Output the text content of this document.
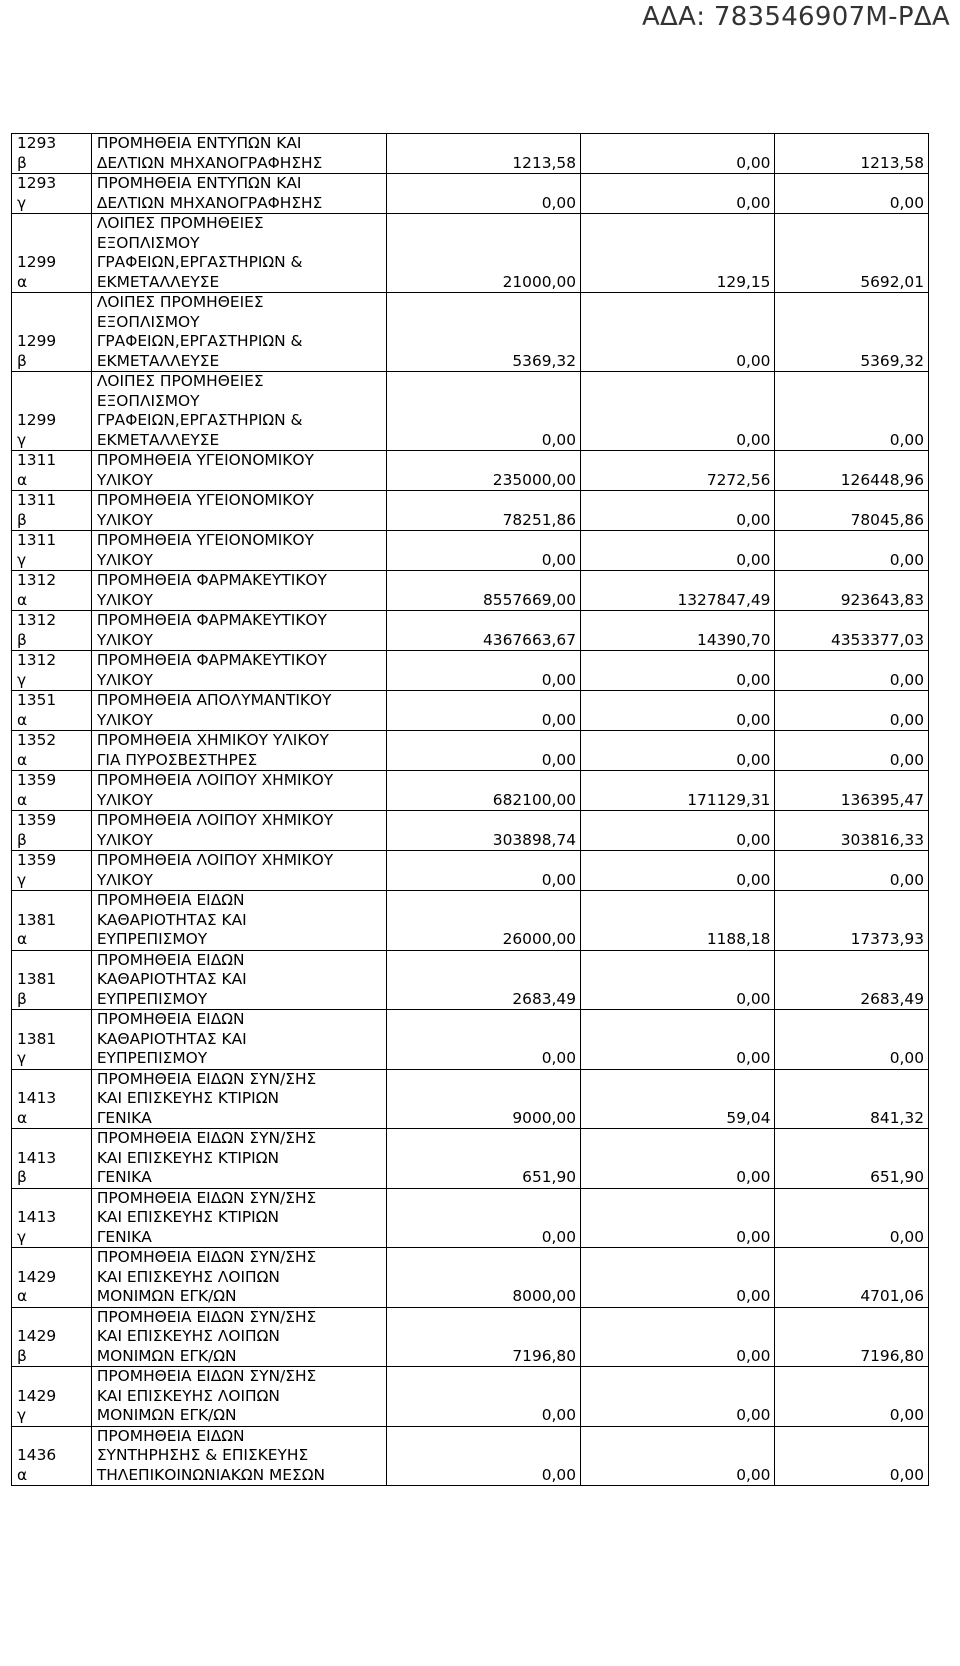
ΑΔΑ: 783546907Μ-ΡΔΑ
1293
β	ΠΡΟΜΗΘΕΙΑ ΕΝΤΥΠΩΝ ΚΑΙ
ΔΕΛΤΙΩΝ ΜΗΧΑΝΟΓΡΑΦΗΣΗΣ	1213,58	0,00	1213,58

1293
γ	ΠΡΟΜΗΘΕΙΑ ΕΝΤΥΠΩΝ ΚΑΙ
ΔΕΛΤΙΩΝ ΜΗΧΑΝΟΓΡΑΦΗΣΗΣ	0,00	0,00	0,00

1299
α	ΛΟΙΠΕΣ ΠΡΟΜΗΘΕΙΕΣ
ΕΞΟΠΛΙΣΜΟΥ
ΓΡΑΦΕΙΩΝ,ΕΡΓΑΣΤΗΡΙΩΝ &
ΕΚΜΕΤΑΛΛΕΥΣΕ	21000,00	129,15	5692,01

1299
β	ΛΟΙΠΕΣ ΠΡΟΜΗΘΕΙΕΣ
ΕΞΟΠΛΙΣΜΟΥ
ΓΡΑΦΕΙΩΝ,ΕΡΓΑΣΤΗΡΙΩΝ &
ΕΚΜΕΤΑΛΛΕΥΣΕ	5369,32	0,00	5369,32

1299
γ	ΛΟΙΠΕΣ ΠΡΟΜΗΘΕΙΕΣ
ΕΞΟΠΛΙΣΜΟΥ
ΓΡΑΦΕΙΩΝ,ΕΡΓΑΣΤΗΡΙΩΝ &
ΕΚΜΕΤΑΛΛΕΥΣΕ	0,00	0,00	0,00

1311
α	ΠΡΟΜΗΘΕΙΑ ΥΓΕΙΟΝΟΜΙΚΟΥ
ΥΛΙΚΟΥ	235000,00	7272,56	126448,96

1311
β	ΠΡΟΜΗΘΕΙΑ ΥΓΕΙΟΝΟΜΙΚΟΥ
ΥΛΙΚΟΥ	78251,86	0,00	78045,86

1311
γ	ΠΡΟΜΗΘΕΙΑ ΥΓΕΙΟΝΟΜΙΚΟΥ
ΥΛΙΚΟΥ	0,00	0,00	0,00

1312
α	ΠΡΟΜΗΘΕΙΑ ΦΑΡΜΑΚΕΥΤΙΚΟΥ
ΥΛΙΚΟΥ	8557669,00	1327847,49	923643,83

1312
β	ΠΡΟΜΗΘΕΙΑ ΦΑΡΜΑΚΕΥΤΙΚΟΥ
ΥΛΙΚΟΥ	4367663,67	14390,70	4353377,03

1312
γ	ΠΡΟΜΗΘΕΙΑ ΦΑΡΜΑΚΕΥΤΙΚΟΥ
ΥΛΙΚΟΥ	0,00	0,00	0,00

1351
α	ΠΡΟΜΗΘΕΙΑ ΑΠΟΛΥΜΑΝΤΙΚΟΥ
ΥΛΙΚΟΥ	0,00	0,00	0,00

1352
α	ΠΡΟΜΗΘΕΙΑ ΧΗΜΙΚΟΥ ΥΛΙΚΟΥ
ΓΙΑ ΠΥΡΟΣΒΕΣΤΗΡΕΣ	0,00	0,00	0,00

1359
α	ΠΡΟΜΗΘΕΙΑ ΛΟΙΠΟΥ ΧΗΜΙΚΟΥ
ΥΛΙΚΟΥ	682100,00	171129,31	136395,47

1359
β	ΠΡΟΜΗΘΕΙΑ ΛΟΙΠΟΥ ΧΗΜΙΚΟΥ
ΥΛΙΚΟΥ	303898,74	0,00	303816,33

1359
γ	ΠΡΟΜΗΘΕΙΑ ΛΟΙΠΟΥ ΧΗΜΙΚΟΥ
ΥΛΙΚΟΥ	0,00	0,00	0,00

1381
α	ΠΡΟΜΗΘΕΙΑ ΕΙΔΩΝ
ΚΑΘΑΡΙΟΤΗΤΑΣ ΚΑΙ
ΕΥΠΡΕΠΙΣΜΟΥ	26000,00	1188,18	17373,93

1381
β	ΠΡΟΜΗΘΕΙΑ ΕΙΔΩΝ
ΚΑΘΑΡΙΟΤΗΤΑΣ ΚΑΙ
ΕΥΠΡΕΠΙΣΜΟΥ	2683,49	0,00	2683,49

1381
γ	ΠΡΟΜΗΘΕΙΑ ΕΙΔΩΝ
ΚΑΘΑΡΙΟΤΗΤΑΣ ΚΑΙ
ΕΥΠΡΕΠΙΣΜΟΥ	0,00	0,00	0,00

1413
α	ΠΡΟΜΗΘΕΙΑ ΕΙΔΩΝ ΣΥΝ/ΣΗΣ
ΚΑΙ ΕΠΙΣΚΕΥΗΣ ΚΤΙΡΙΩΝ
ΓΕΝΙΚΑ	9000,00	59,04	841,32

1413
β	ΠΡΟΜΗΘΕΙΑ ΕΙΔΩΝ ΣΥΝ/ΣΗΣ
ΚΑΙ ΕΠΙΣΚΕΥΗΣ ΚΤΙΡΙΩΝ
ΓΕΝΙΚΑ	651,90	0,00	651,90

1413
γ	ΠΡΟΜΗΘΕΙΑ ΕΙΔΩΝ ΣΥΝ/ΣΗΣ
ΚΑΙ ΕΠΙΣΚΕΥΗΣ ΚΤΙΡΙΩΝ
ΓΕΝΙΚΑ	0,00	0,00	0,00

1429
α	ΠΡΟΜΗΘΕΙΑ ΕΙΔΩΝ ΣΥΝ/ΣΗΣ
ΚΑΙ ΕΠΙΣΚΕΥΗΣ ΛΟΙΠΩΝ
ΜΟΝΙΜΩΝ ΕΓΚ/ΩΝ	8000,00	0,00	4701,06

1429
β	ΠΡΟΜΗΘΕΙΑ ΕΙΔΩΝ ΣΥΝ/ΣΗΣ
ΚΑΙ ΕΠΙΣΚΕΥΗΣ ΛΟΙΠΩΝ
ΜΟΝΙΜΩΝ ΕΓΚ/ΩΝ	7196,80	0,00	7196,80

1429
γ	ΠΡΟΜΗΘΕΙΑ ΕΙΔΩΝ ΣΥΝ/ΣΗΣ
ΚΑΙ ΕΠΙΣΚΕΥΗΣ ΛΟΙΠΩΝ
ΜΟΝΙΜΩΝ ΕΓΚ/ΩΝ	0,00	0,00	0,00

1436
α	ΠΡΟΜΗΘΕΙΑ ΕΙΔΩΝ
ΣΥΝΤΗΡΗΣΗΣ & ΕΠΙΣΚΕΥΗΣ
ΤΗΛΕΠΙΚΟΙΝΩΝΙΑΚΩΝ ΜΕΣΩΝ	0,00	0,00	0,00
